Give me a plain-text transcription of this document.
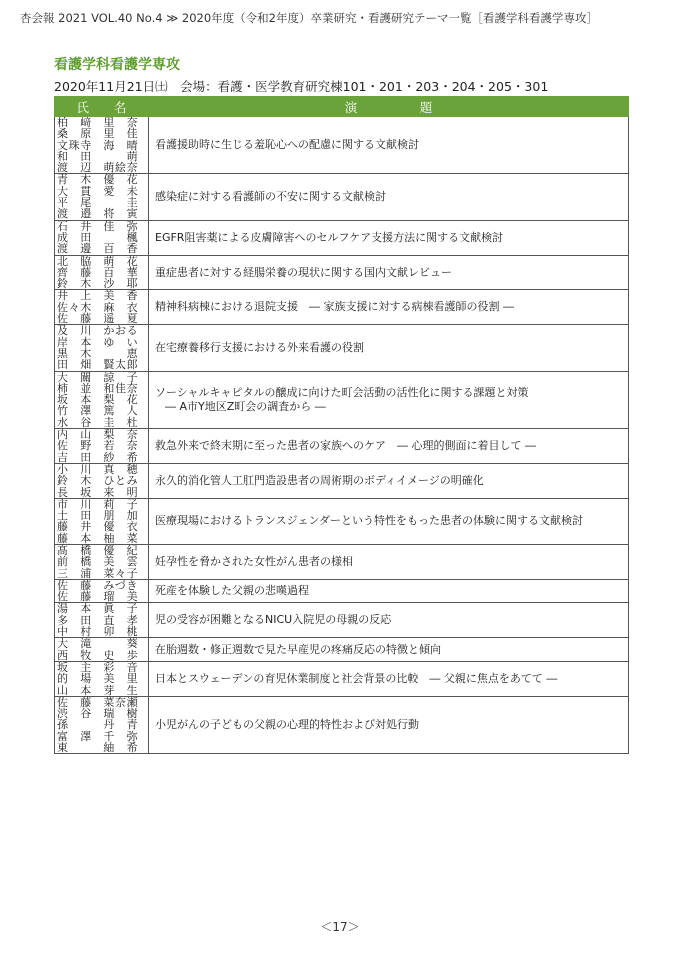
杏会報 2021 VOL.40 No.4 ≫ 2020年度（令和2年度）卒業研究・看護研究テーマ一覧［看護学科看護学専攻］
看護学科看護学専攻
2020年11月21日㈯　会場：看護・医学教育研究棟101・201・203・204・205・301
氏　　名	演　　　　　題

柏　﨑　里　奈
桑　原　里　佳
文珠寺　海　晴
和　田　　　萌
渡　辺　萌絵奈	看護援助時に生じる羞恥心への配慮に関する文献検討

青　木　優　花
大　貫　愛　未
平　尾　　　圭
渡　邉　将　寅	感染症に対する看護師の不安に関する文献検討

石　井　佳　弥
成　田　　　楓
渡　邊　百　香	EGFR阻害薬による皮膚障害へのセルフケア支援方法に関する文献検討

北　脇　萌　花
齊　藤　百　華
鈴　木　沙　耶	重症患者に対する経腸栄養の現状に関する国内文献レビュー

井　上　美　香
佐々木　麻　衣
佐　藤　遥　夏	精神科病棟における退院支援　― 家族支援に対する病棟看護師の役割 ―

及　川　かおる
岸　本　ゆ　い
黒　木　　　恵
田　畑　賢太郎	在宅療養移行支援における外来看護の役割

大　關　諒　子
柿　並　和佳奈
坂　本　梨　花
竹　澤　篤　人
水　谷　圭　杜	ソーシャルキャピタルの醸成に向けた町会活動の活性化に関する課題と対策
― A市Y地区Z町会の調査から ―

内　山　梨　奈
佐　野　若　奈
吉　田　紗　希	救急外来で終末期に至った患者の家族へのケア　― 心理的側面に着目して ―

小　川　真　穂
鈴　木　ひとみ
長　坂　来　明	永久的消化管人工肛門造設患者の周術期のボディイメージの明確化

市　川　莉　子
土　田　朋　加
藤　井　優　衣
藤　本　柚　菜	医療現場におけるトランスジェンダーという特性をもった患者の体験に関する文献検討

髙　橋　優　紀
前　橋　美　雲
三　浦　菜々子	妊孕性を脅かされた女性がん患者の様相

佐　藤　みづき
佐　藤　瑠　美	死産を体験した父親の悲嘆過程

湯　本　眞　子
多　田　直　孝
中　村　卯　桃	児の受容が困難となるNICU入院児の母親の反応

大　滝　　　葵
西　牧　史　歩	在胎週数・修正週数で見た早産児の疼痛反応の特徴と傾向

坂　主　彩　音
的　場　美　里
山　本　芽　生	日本とスウェーデンの育児休業制度と社会背景の比較　― 父親に焦点をあてて ―

佐　藤　菜奈瀬
渋　谷　瑞　樹
孫　　　丹　青
富　澤　千　弥
東　　　紬　希	小児がんの子どもの父親の心理的特性および対処行動
＜17＞
